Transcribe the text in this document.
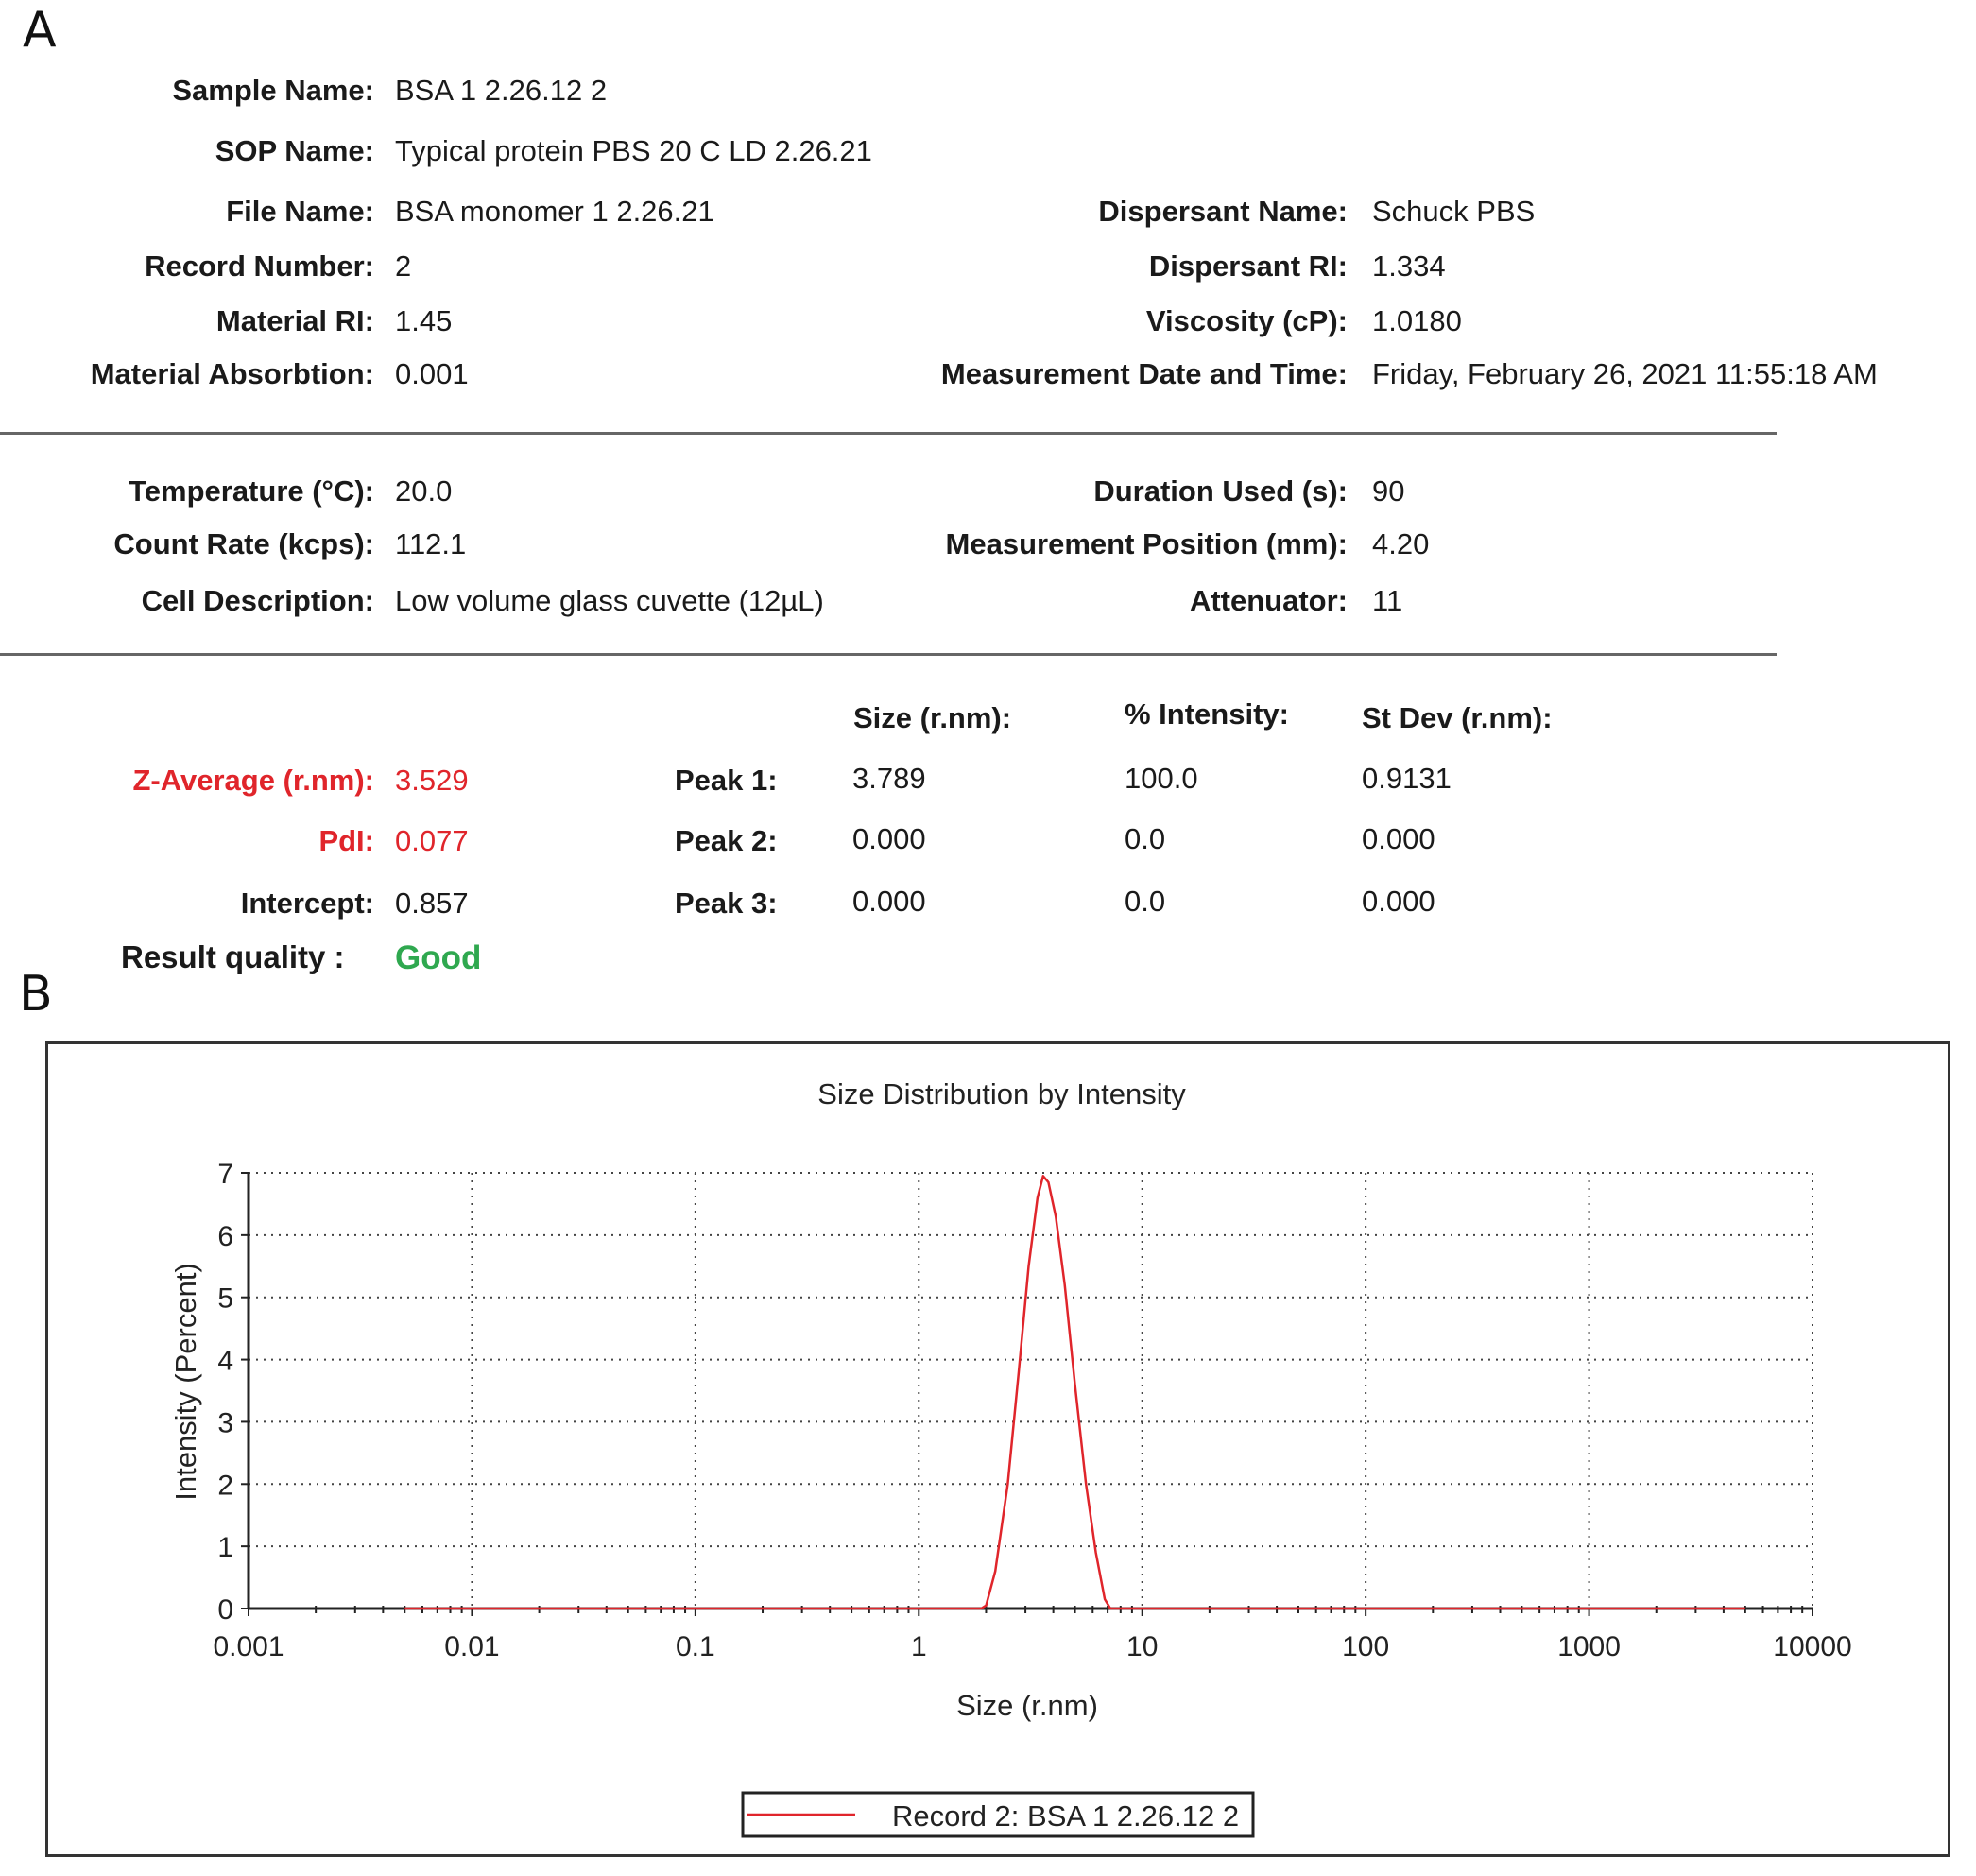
A
B
Sample Name: BSA 1 2.26.12 2
SOP Name: Typical protein PBS 20 C LD 2.26.21
File Name: BSA monomer 1 2.26.21
Record Number: 2
Material RI: 1.45
Material Absorbtion: 0.001
Dispersant Name: Schuck PBS
Dispersant RI: 1.334
Viscosity (cP): 1.0180
Measurement Date and Time: Friday, February 26, 2021 11:55:18 AM
Temperature (°C): 20.0
Count Rate (kcps): 112.1
Cell Description: Low volume glass cuvette (12µL)
Duration Used (s): 90
Measurement Position (mm): 4.20
Attenuator: 11
Size (r.nm):	% Intensity: St Dev (r.nm):
Z-Average (r.nm): 3.529
PdI: 0.077
Intercept: 0.857
Result quality : Good
Peak 1:	3.789	100.0	0.9131
Peak 2:	0.000	0.0	0.000
Peak 3:	0.000	0.0	0.000
Size Distribution by Intensity
Size (r.nm)
Intensity (Percent)
0
1
2
3
4
5
6
7
0.001	0.01	0.1	1	10	100	1000	10000
Record 2: BSA 1 2.26.12 2
